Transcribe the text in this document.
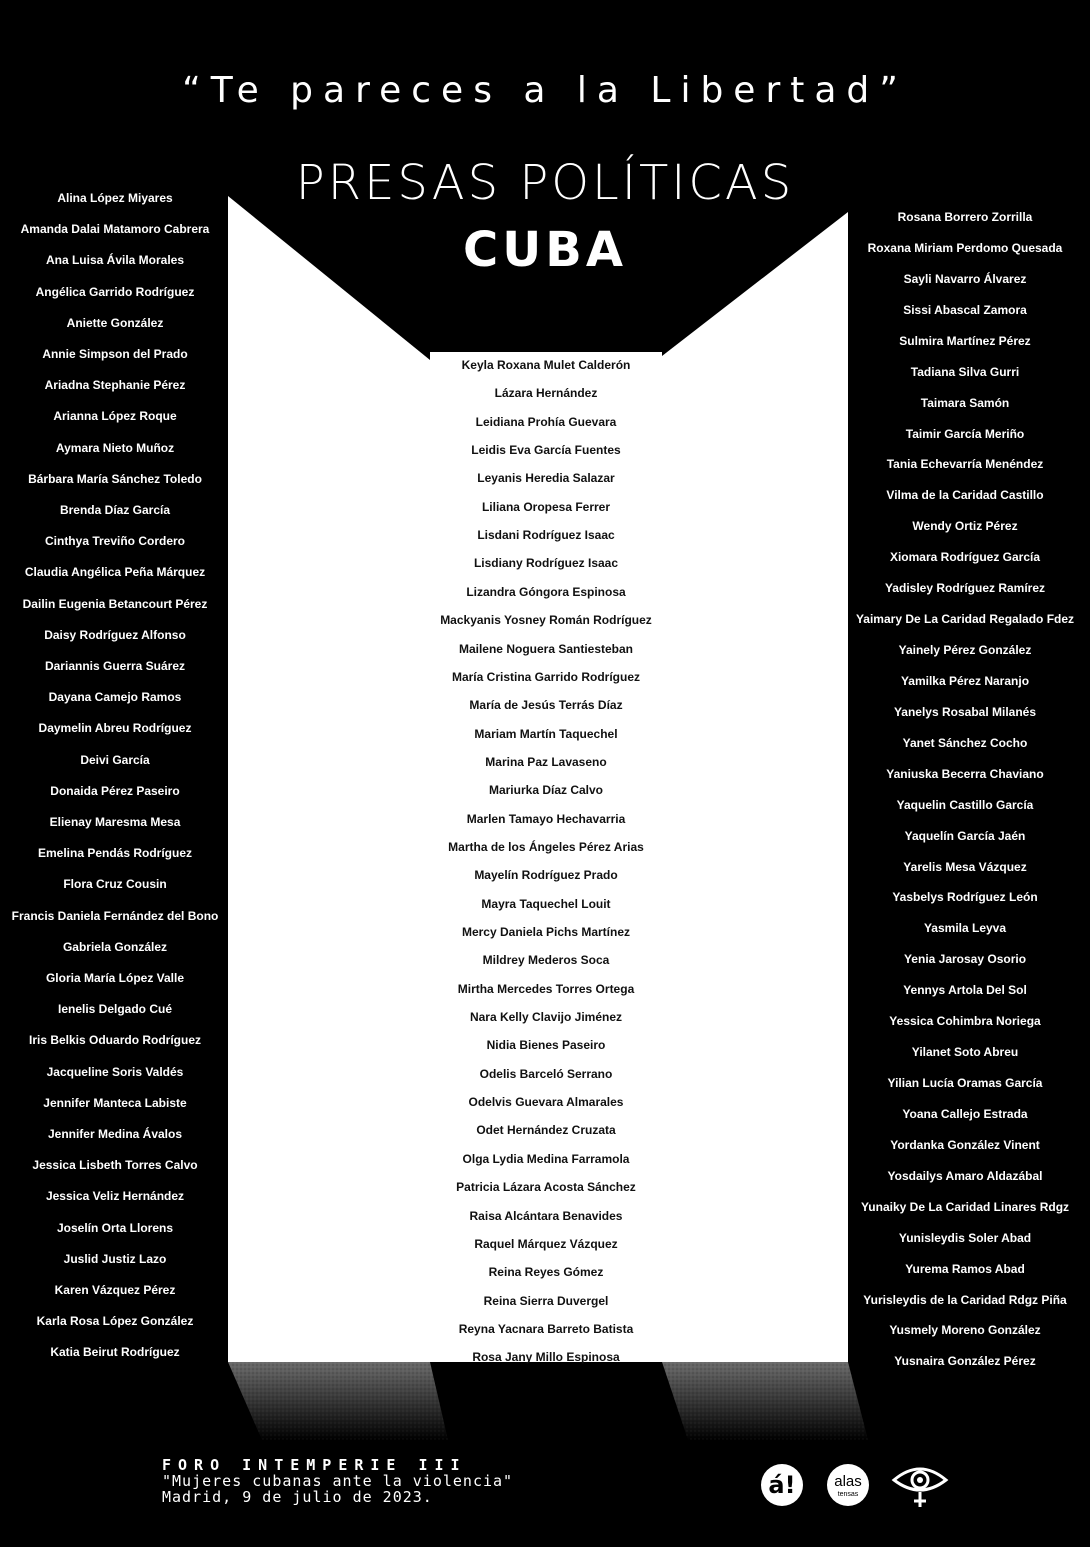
“Te pareces a la Libertad”
PRESAS POLÍTICAS
CUBA
Alina López Miyares
Amanda Dalai Matamoro Cabrera
Ana Luisa Ávila Morales
Angélica Garrido Rodríguez
Aniette González
Annie Simpson del Prado
Ariadna Stephanie Pérez
Arianna López Roque
Aymara Nieto Muñoz
Bárbara María Sánchez Toledo
Brenda Díaz García
Cinthya Treviño Cordero
Claudia Angélica Peña Márquez
Dailin Eugenia Betancourt Pérez
Daisy Rodríguez Alfonso
Dariannis Guerra Suárez
Dayana Camejo Ramos
Daymelin Abreu Rodríguez
Deivi García
Donaida Pérez Paseiro
Elienay Maresma Mesa
Emelina Pendás Rodríguez
Flora Cruz Cousin
Francis Daniela Fernández del Bono
Gabriela González
Gloria María López Valle
Ienelis Delgado Cué
Iris Belkis Oduardo Rodríguez
Jacqueline Soris Valdés
Jennifer Manteca Labiste
Jennifer Medina Ávalos
Jessica Lisbeth Torres Calvo
Jessica Veliz Hernández
Joselín Orta Llorens
Juslid Justiz Lazo
Karen Vázquez Pérez
Karla Rosa López González
Katia Beirut Rodríguez
Keyla Roxana Mulet Calderón
Lázara Hernández
Leidiana Prohía Guevara
Leidis Eva García Fuentes
Leyanis Heredia Salazar
Liliana Oropesa Ferrer
Lisdani Rodríguez Isaac
Lisdiany Rodríguez Isaac
Lizandra Góngora Espinosa
Mackyanis Yosney Román Rodríguez
Mailene Noguera Santiesteban
María Cristina Garrido Rodríguez
María de Jesús Terrás Díaz
Mariam Martín Taquechel
Marina Paz Lavaseno
Mariurka Díaz Calvo
Marlen Tamayo Hechavarria
Martha de los Ángeles Pérez Arias
Mayelín Rodríguez Prado
Mayra Taquechel Louit
Mercy Daniela Pichs Martínez
Mildrey Mederos Soca
Mirtha Mercedes Torres Ortega
Nara Kelly Clavijo Jiménez
Nidia Bienes Paseiro
Odelis Barceló Serrano
Odelvis Guevara Almarales
Odet Hernández Cruzata
Olga Lydia Medina Farramola
Patricia Lázara Acosta Sánchez
Raisa Alcántara Benavides
Raquel Márquez Vázquez
Reina Reyes Gómez
Reina Sierra Duvergel
Reyna Yacnara Barreto Batista
Rosa Jany Millo Espinosa
Rosana Borrero Zorrilla
Roxana Miriam Perdomo Quesada
Sayli Navarro Álvarez
Sissi Abascal Zamora
Sulmira Martínez Pérez
Tadiana Silva Gurri
Taimara Samón
Taimir García Meriño
Tania Echevarría Menéndez
Vilma de la Caridad Castillo
Wendy Ortiz Pérez
Xiomara Rodríguez García
Yadisley Rodríguez Ramírez
Yaimary De La Caridad Regalado Fdez
Yainely Pérez González
Yamilka Pérez Naranjo
Yanelys Rosabal Milanés
Yanet Sánchez Cocho
Yaniuska Becerra Chaviano
Yaquelin Castillo García
Yaquelín García Jaén
Yarelis Mesa Vázquez
Yasbelys Rodríguez León
Yasmila Leyva
Yenia Jarosay Osorio
Yennys Artola Del Sol
Yessica Cohimbra Noriega
Yilanet Soto Abreu
Yilian Lucía Oramas García
Yoana Callejo Estrada
Yordanka González Vinent
Yosdailys Amaro Aldazábal
Yunaiky De La Caridad Linares Rdgz
Yunisleydis Soler Abad
Yurema Ramos Abad
Yurisleydis de la Caridad Rdgz Piña
Yusmely Moreno González
Yusnaira González Pérez
FORO INTEMPERIE III
"Mujeres cubanas ante la violencia"
Madrid, 9 de julio de 2023.	á!	alas
tensas
